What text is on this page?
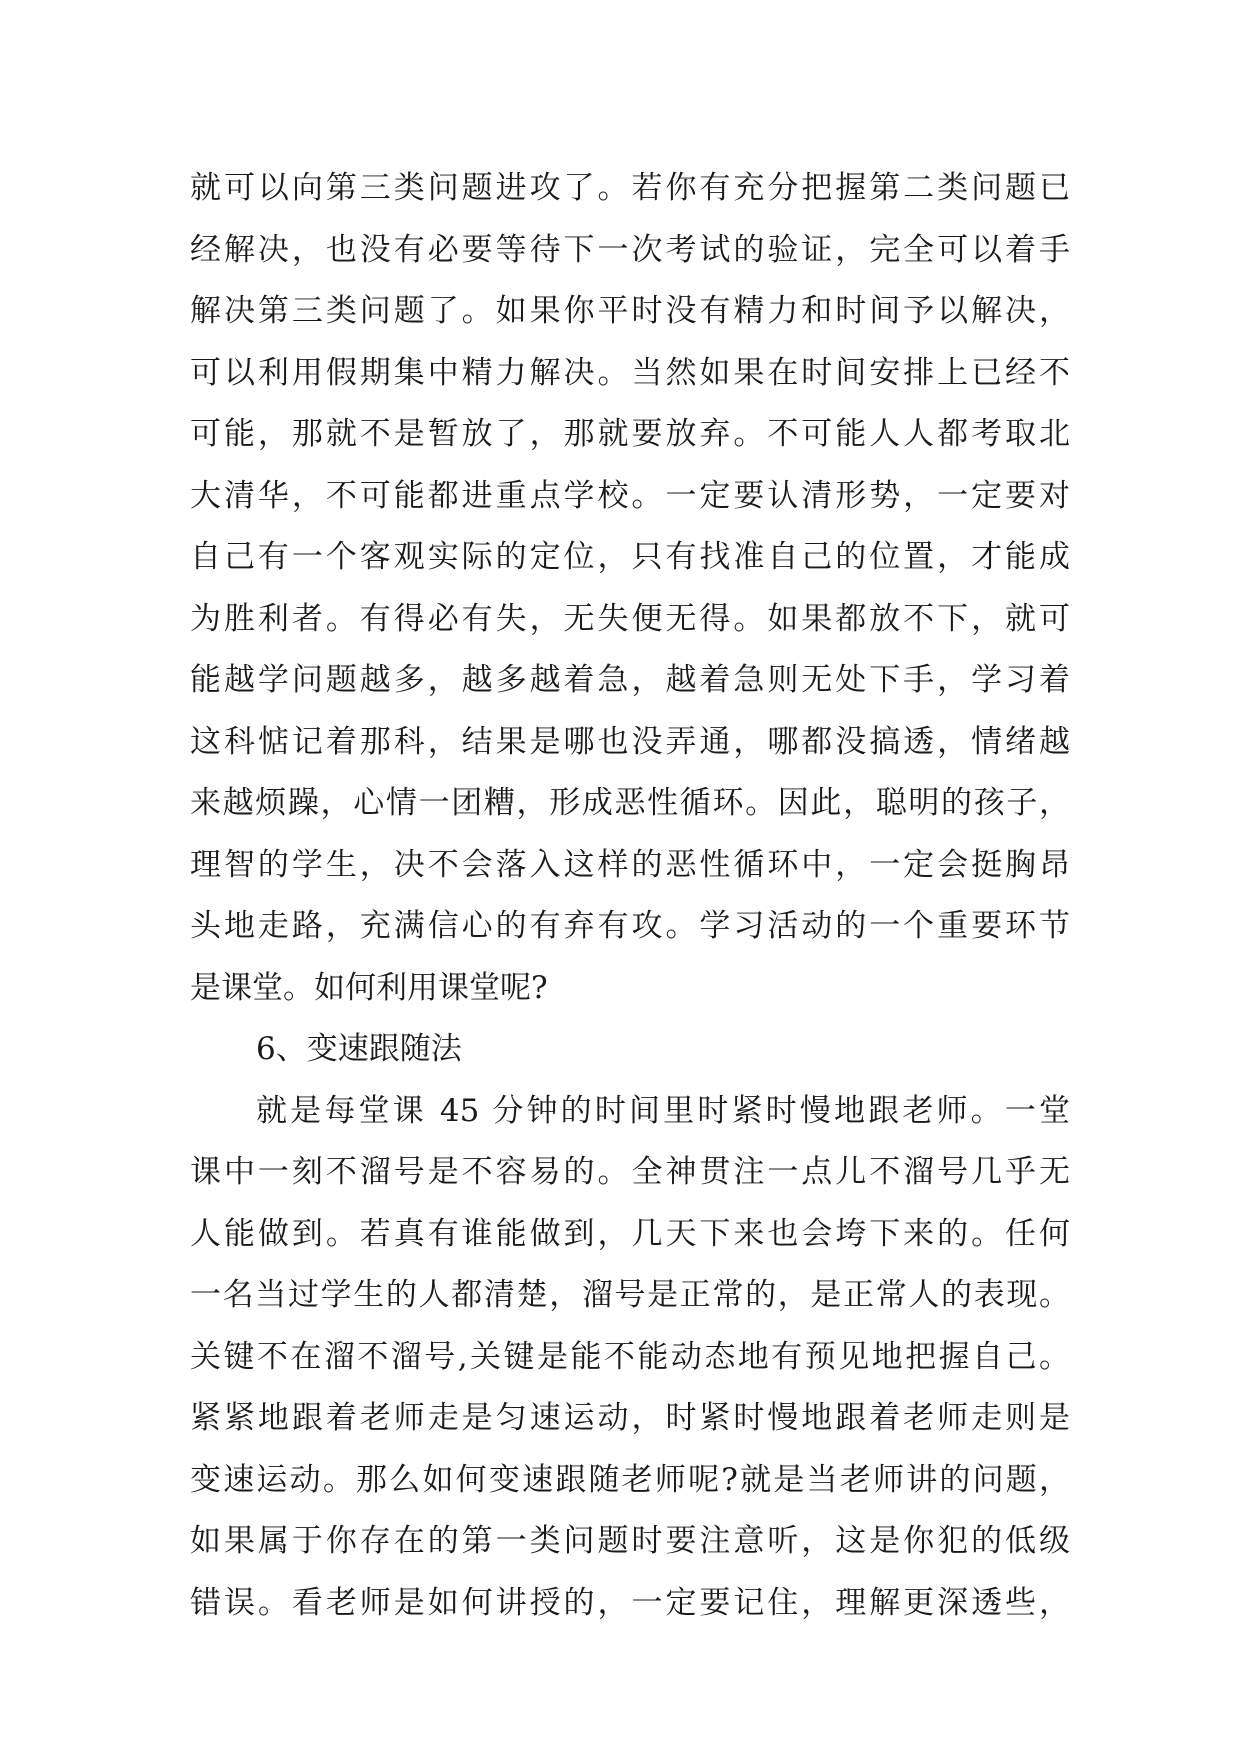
就可以向第三类问题进攻了。若你有充分把握第二类问题已
经解决，也没有必要等待下一次考试的验证，完全可以着手
解决第三类问题了。如果你平时没有精力和时间予以解决，
可以利用假期集中精力解决。当然如果在时间安排上已经不
可能，那就不是暂放了，那就要放弃。不可能人人都考取北
大清华，不可能都进重点学校。一定要认清形势，一定要对
自己有一个客观实际的定位，只有找准自己的位置，才能成
为胜利者。有得必有失，无失便无得。如果都放不下，就可
能越学问题越多，越多越着急，越着急则无处下手，学习着
这科惦记着那科，结果是哪也没弄通，哪都没搞透，情绪越
来越烦躁，心情一团糟，形成恶性循环。因此，聪明的孩子，
理智的学生，决不会落入这样的恶性循环中，一定会挺胸昂
头地走路，充满信心的有弃有攻。学习活动的一个重要环节
是课堂。如何利用课堂呢?
6、变速跟随法
就是每堂课 45 分钟的时间里时紧时慢地跟老师。一堂
课中一刻不溜号是不容易的。全神贯注一点儿不溜号几乎无
人能做到。若真有谁能做到，几天下来也会垮下来的。任何
一名当过学生的人都清楚，溜号是正常的，是正常人的表现。
关键不在溜不溜号,关键是能不能动态地有预见地把握自己。
紧紧地跟着老师走是匀速运动，时紧时慢地跟着老师走则是
变速运动。那么如何变速跟随老师呢?就是当老师讲的问题，
如果属于你存在的第一类问题时要注意听，这是你犯的低级
错误。看老师是如何讲授的，一定要记住，理解更深透些，
